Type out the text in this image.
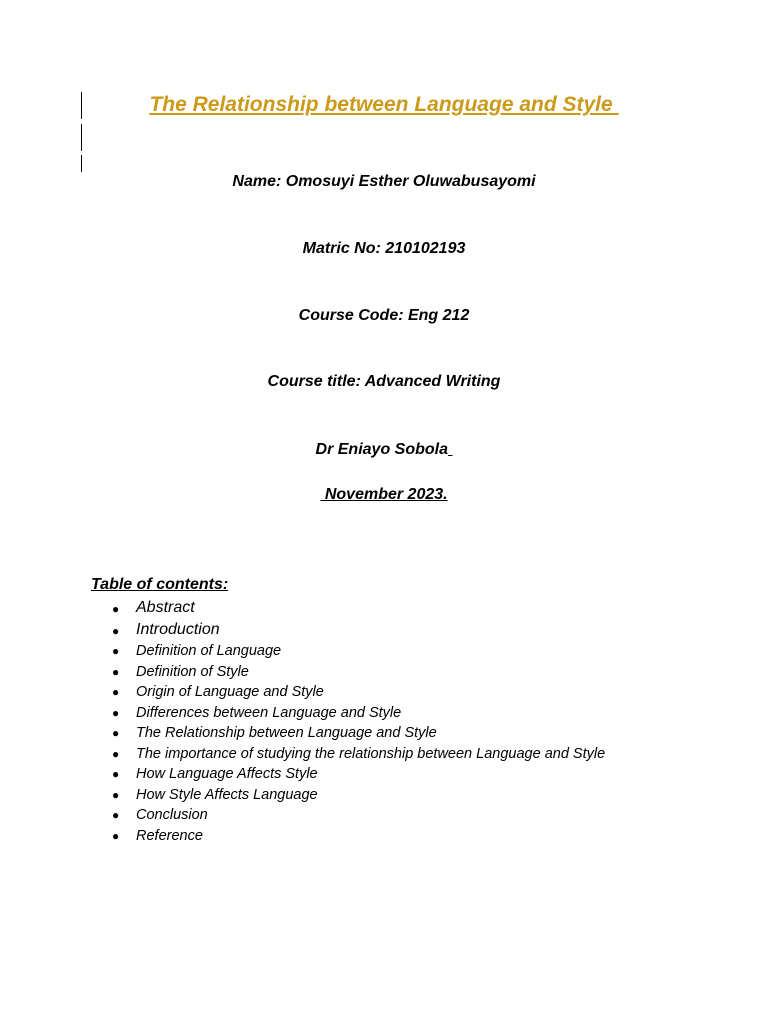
The Relationship between Language and Style
Name: Omosuyi Esther Oluwabusayomi
Matric No: 210102193
Course Code: Eng 212
Course title: Advanced Writing
Dr Eniayo Sobola
November 2023.
Table of contents:
● Abstract
● Introduction
● Definition of Language
● Definition of Style
● Origin of Language and Style
● Differences between Language and Style
● The Relationship between Language and Style
● The importance of studying the relationship between Language and Style
● How Language Affects Style
● How Style Affects Language
● Conclusion
● Reference
